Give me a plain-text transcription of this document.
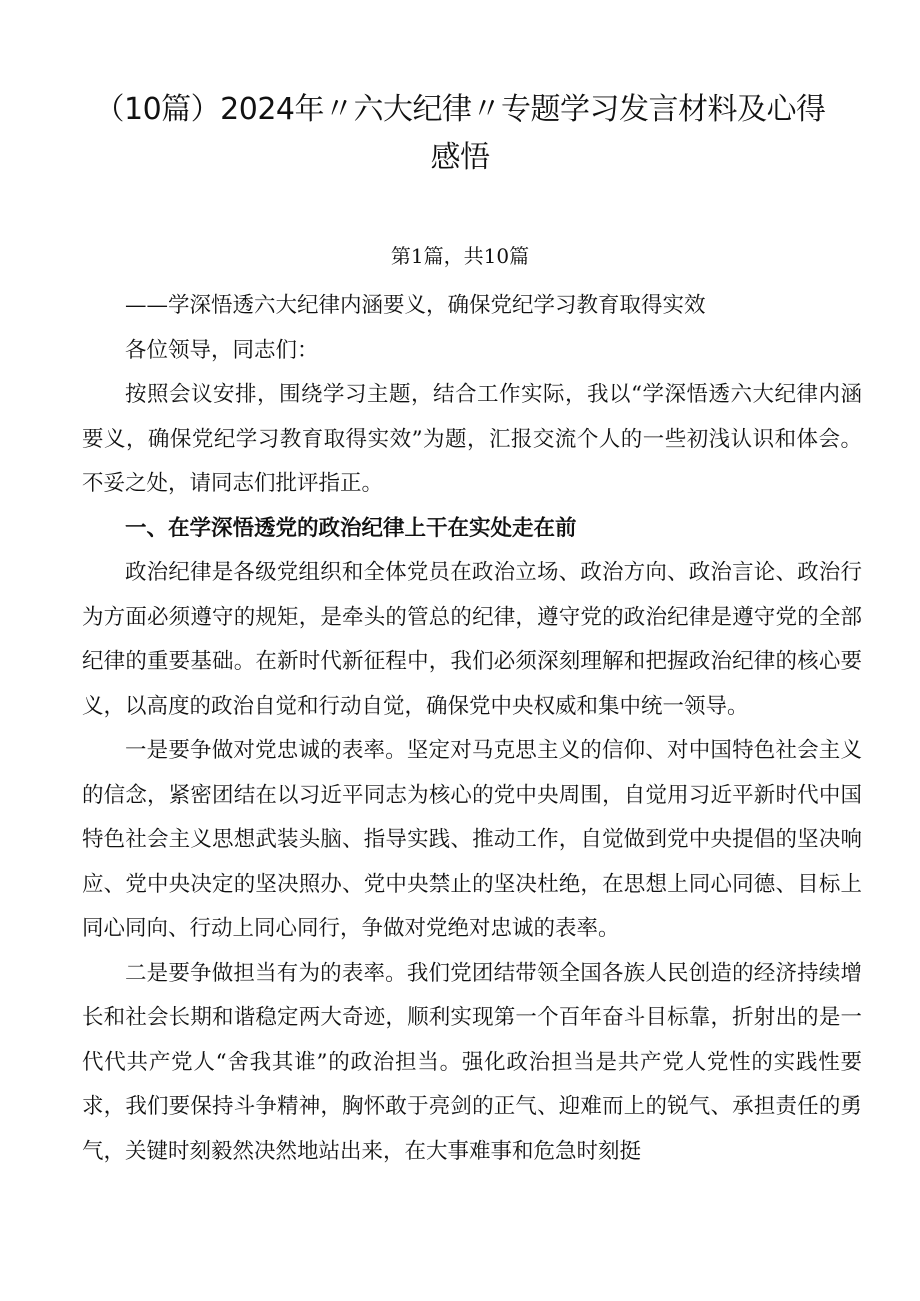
（10篇）2024年〃六大纪律〃专题学习发言材料及心得感悟

第1篇，共10篇

——学深悟透六大纪律内涵要义，确保党纪学习教育取得实效

各位领导，同志们：

按照会议安排，围绕学习主题，结合工作实际，我以“学深悟透六大纪律内涵要义，确保党纪学习教育取得实效”为题，汇报交流个人的一些初浅认识和体会。不妥之处，请同志们批评指正。

一、在学深悟透党的政治纪律上干在实处走在前

政治纪律是各级党组织和全体党员在政治立场、政治方向、政治言论、政治行为方面必须遵守的规矩，是牵头的管总的纪律，遵守党的政治纪律是遵守党的全部纪律的重要基础。在新时代新征程中，我们必须深刻理解和把握政治纪律的核心要义，以高度的政治自觉和行动自觉，确保党中央权威和集中统一领导。

一是要争做对党忠诚的表率。坚定对马克思主义的信仰、对中国特色社会主义的信念，紧密团结在以习近平同志为核心的党中央周围，自觉用习近平新时代中国特色社会主义思想武装头脑、指导实践、推动工作，自觉做到党中央提倡的坚决响应、党中央决定的坚决照办、党中央禁止的坚决杜绝，在思想上同心同德、目标上同心同向、行动上同心同行，争做对党绝对忠诚的表率。

二是要争做担当有为的表率。我们党团结带领全国各族人民创造的经济持续增长和社会长期和谐稳定两大奇迹，顺利实现第一个百年奋斗目标靠，折射出的是一代代共产党人“舍我其谁”的政治担当。强化政治担当是共产党人党性的实践性要求，我们要保持斗争精神，胸怀敢于亮剑的正气、迎难而上的锐气、承担责任的勇气，关键时刻毅然决然地站出来，在大事难事和危急时刻挺
